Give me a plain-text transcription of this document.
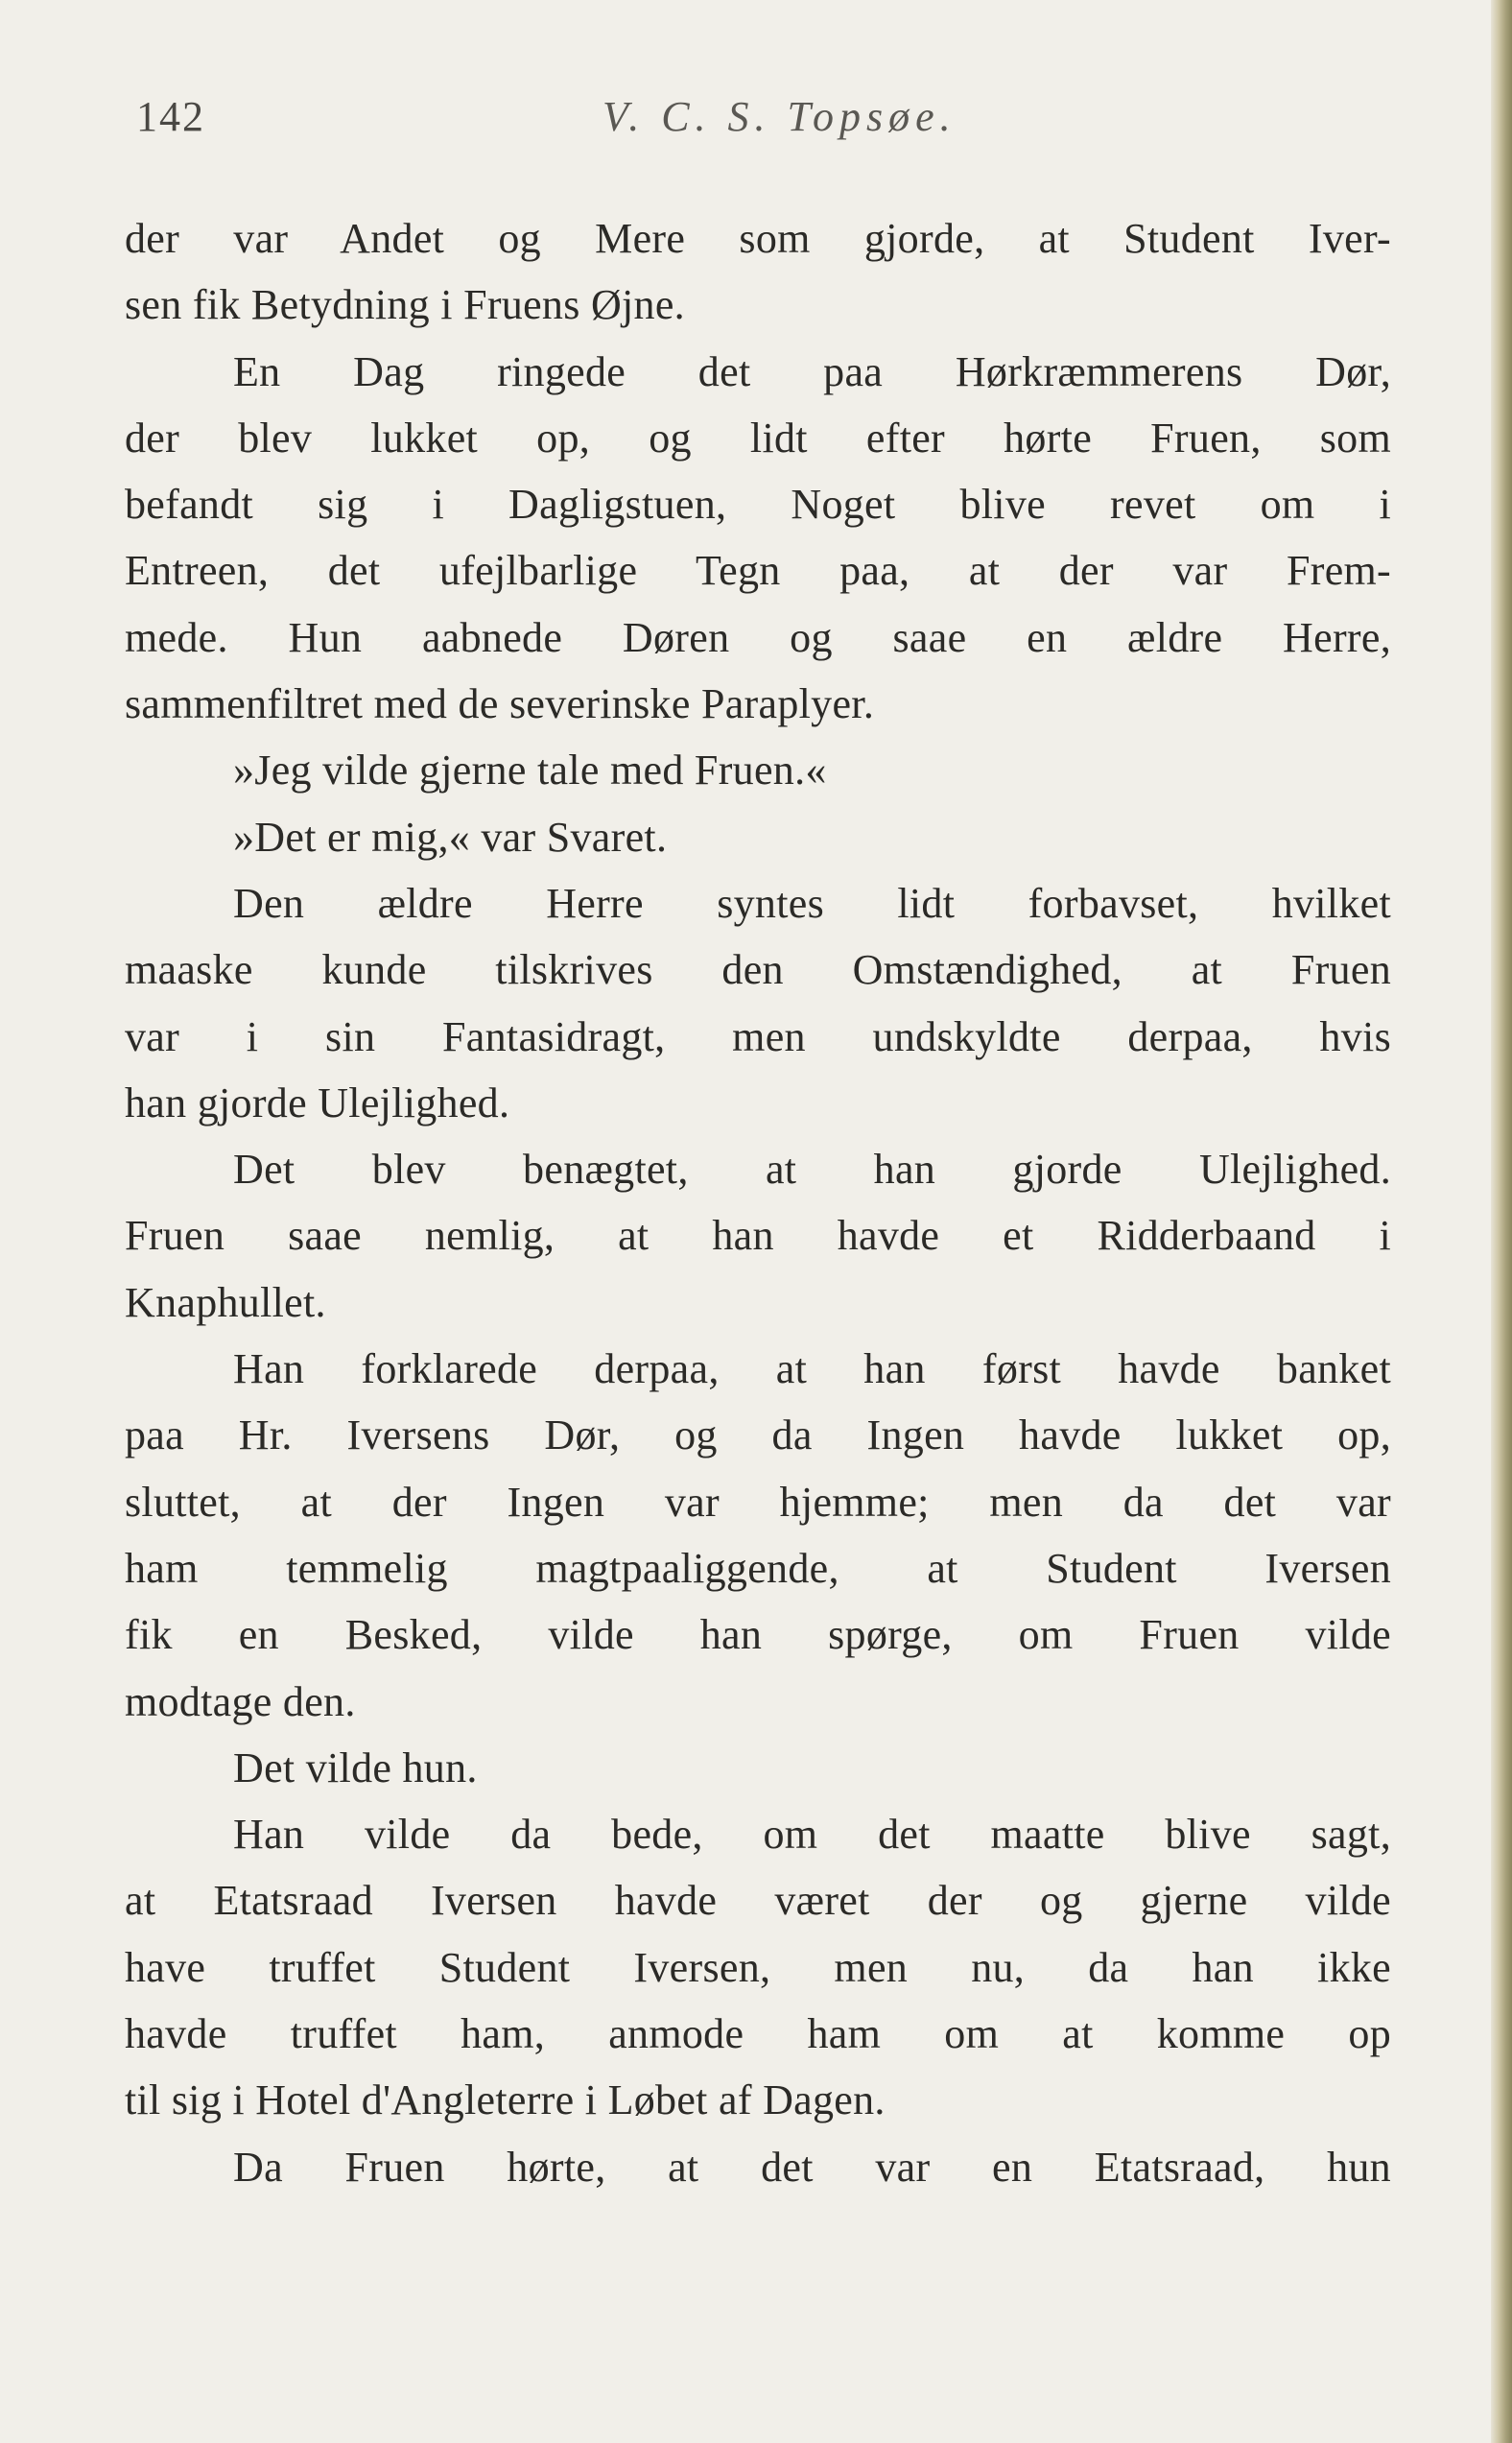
142	V. C. S. Topsøe.
der var Andet og Mere som gjorde, at Student Iver-
sen fik Betydning i Fruens Øjne.
En Dag ringede det paa Hørkræmmerens Dør,
der blev lukket op, og lidt efter hørte Fruen, som
befandt sig i Dagligstuen, Noget blive revet om i
Entreen, det ufejlbarlige Tegn paa, at der var Frem-
mede. Hun aabnede Døren og saae en ældre Herre,
sammenfiltret med de severinske Paraplyer.
»Jeg vilde gjerne tale med Fruen.«
»Det er mig,« var Svaret.
Den ældre Herre syntes lidt forbavset, hvilket
maaske kunde tilskrives den Omstændighed, at Fruen
var i sin Fantasidragt, men undskyldte derpaa, hvis
han gjorde Ulejlighed.
Det blev benægtet, at han gjorde Ulejlighed.
Fruen saae nemlig, at han havde et Ridderbaand i
Knaphullet.
Han forklarede derpaa, at han først havde banket
paa Hr. Iversens Dør, og da Ingen havde lukket op,
sluttet, at der Ingen var hjemme; men da det var
ham temmelig magtpaaliggende, at Student Iversen
fik en Besked, vilde han spørge, om Fruen vilde
modtage den.
Det vilde hun.
Han vilde da bede, om det maatte blive sagt,
at Etatsraad Iversen havde været der og gjerne vilde
have truffet Student Iversen, men nu, da han ikke
havde truffet ham, anmode ham om at komme op
til sig i Hotel d'Angleterre i Løbet af Dagen.
Da Fruen hørte, at det var en Etatsraad, hun
